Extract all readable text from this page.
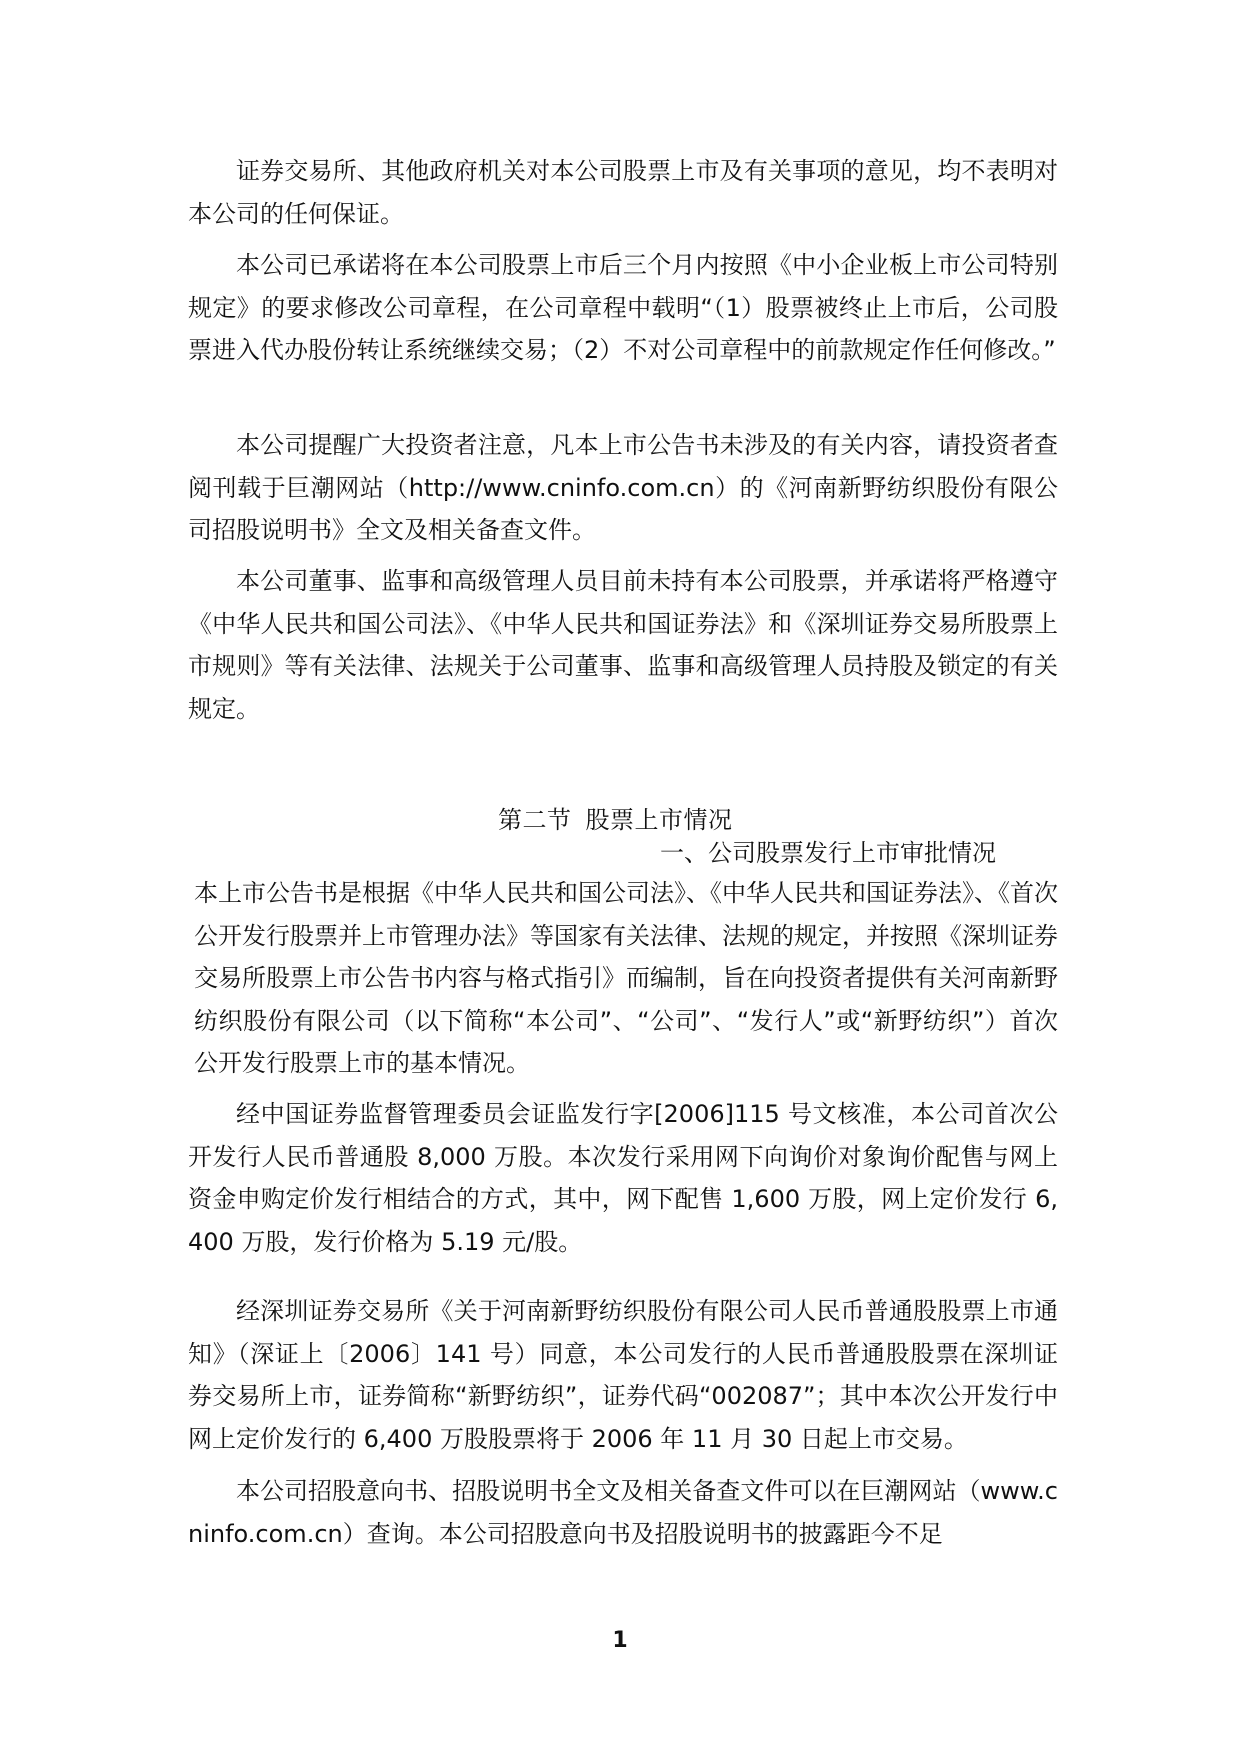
证券交易所、其他政府机关对本公司股票上市及有关事项的意见，均不表明对本公司的任何保证。

本公司已承诺将在本公司股票上市后三个月内按照《中小企业板上市公司特别规定》的要求修改公司章程，在公司章程中载明“（1）股票被终止上市后，公司股票进入代办股份转让系统继续交易；（2）不对公司章程中的前款规定作任何修改。”

本公司提醒广大投资者注意，凡本上市公告书未涉及的有关内容，请投资者查阅刊载于巨潮网站（http://www.cninfo.com.cn）的《河南新野纺织股份有限公司招股说明书》全文及相关备查文件。

本公司董事、监事和高级管理人员目前未持有本公司股票，并承诺将严格遵守《中华人民共和国公司法》、《中华人民共和国证券法》和《深圳证券交易所股票上市规则》等有关法律、法规关于公司董事、监事和高级管理人员持股及锁定的有关规定。

第二节 股票上市情况
一、公司股票发行上市审批情况

本上市公告书是根据《中华人民共和国公司法》、《中华人民共和国证券法》、《首次公开发行股票并上市管理办法》等国家有关法律、法规的规定，并按照《深圳证券交易所股票上市公告书内容与格式指引》而编制，旨在向投资者提供有关河南新野纺织股份有限公司（以下简称“本公司”、“公司”、“发行人”或“新野纺织”）首次公开发行股票上市的基本情况。

经中国证券监督管理委员会证监发行字[2006]115 号文核准，本公司首次公开发行人民币普通股 8,000 万股。本次发行采用网下向询价对象询价配售与网上资金申购定价发行相结合的方式，其中，网下配售 1,600 万股，网上定价发行 6,400 万股，发行价格为 5.19 元/股。

经深圳证券交易所《关于河南新野纺织股份有限公司人民币普通股股票上市通知》（深证上〔2006〕141 号）同意，本公司发行的人民币普通股股票在深圳证券交易所上市，证券简称“新野纺织”，证券代码“002087”；其中本次公开发行中网上定价发行的 6,400 万股股票将于 2006 年 11 月 30 日起上市交易。

本公司招股意向书、招股说明书全文及相关备查文件可以在巨潮网站（www.cninfo.com.cn）查询。本公司招股意向书及招股说明书的披露距今不足

1
